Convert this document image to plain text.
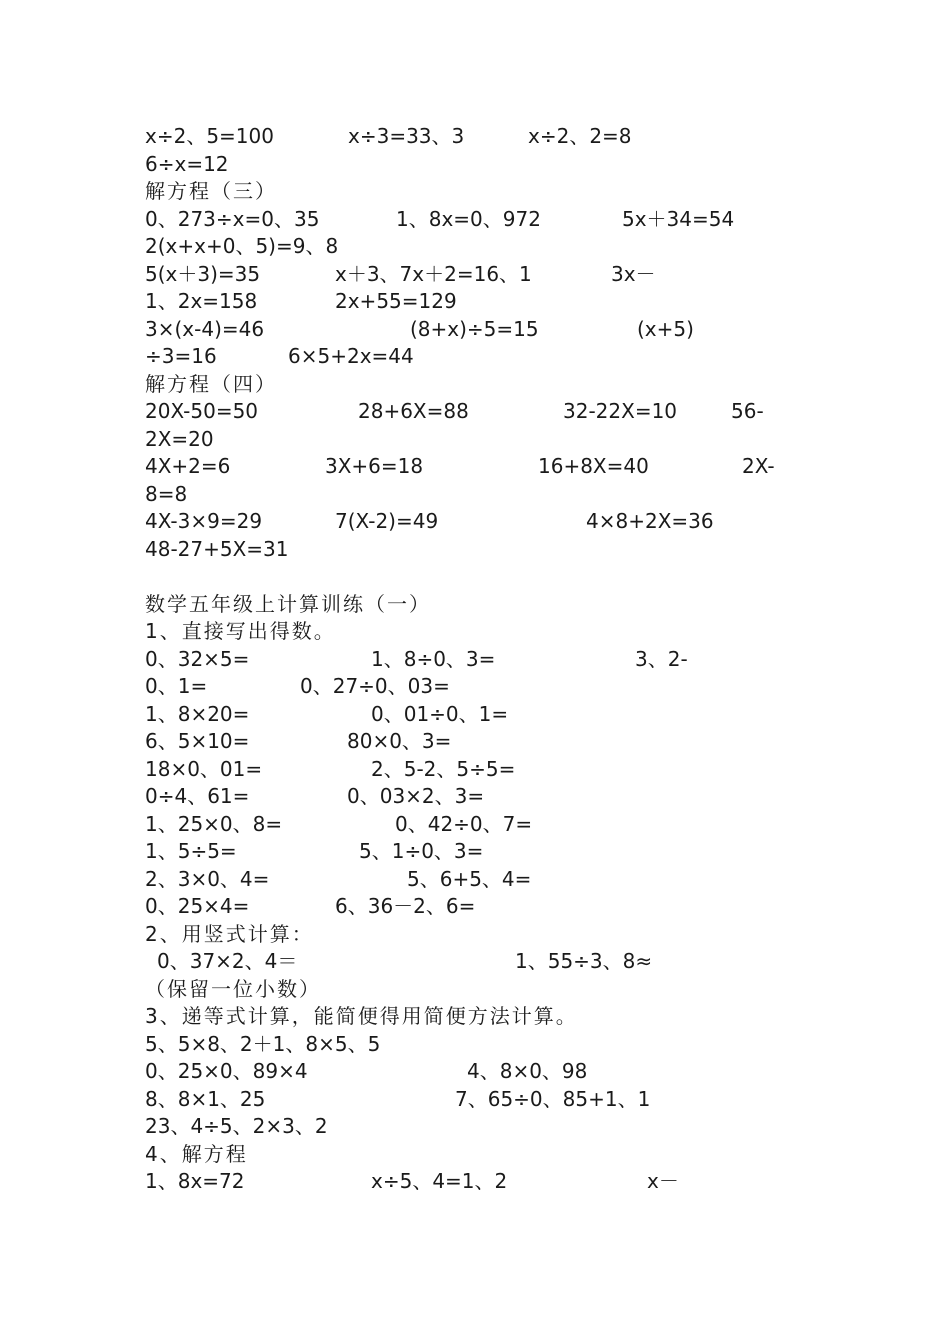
x÷2、5=100	x÷3=33、3	x÷2、2=8
6÷x=12
解方程（三）
0、273÷x=0、35	1、8x=0、972	5x＋34=54
2(x+x+0、5)=9、8
5(x＋3)=35	x＋3、7x＋2=16、1	3x－
1、2x=158	2x+55=129
3×(x-4)=46	(8+x)÷5=15	(x+5)
÷3=16	6×5+2x=44
解方程（四）
20X-50=50	28+6X=88	32-22X=10	56-
2X=20
4X+2=6	3X+6=18	16+8X=40	2X-
8=8
4X-3×9=29	7(X-2)=49	4×8+2X=36
48-27+5X=31
数学五年级上计算训练（一）
1、直接写出得数。
0、32×5=	1、8÷0、3=	3、2-
0、1=	0、27÷0、03=
1、8×20=	0、01÷0、1=
6、5×10=	80×0、3=
18×0、01=	2、5-2、5÷5=
0÷4、61=	0、03×2、3=
1、25×0、8=	0、42÷0、7=
1、5÷5=	5、1÷0、3=
2、3×0、4=	5、6+5、4=
0、25×4=	6、36－2、6=
2、用竖式计算：
0、37×2、4＝	1、55÷3、8≈
（保留一位小数）
3、递等式计算，能简便得用简便方法计算。
5、5×8、2＋1、8×5、5
0、25×0、89×4	4、8×0、98
8、8×1、25	7、65÷0、85+1、1
23、4÷5、2×3、2
4、解方程
1、8x=72	x÷5、4=1、2	x－
